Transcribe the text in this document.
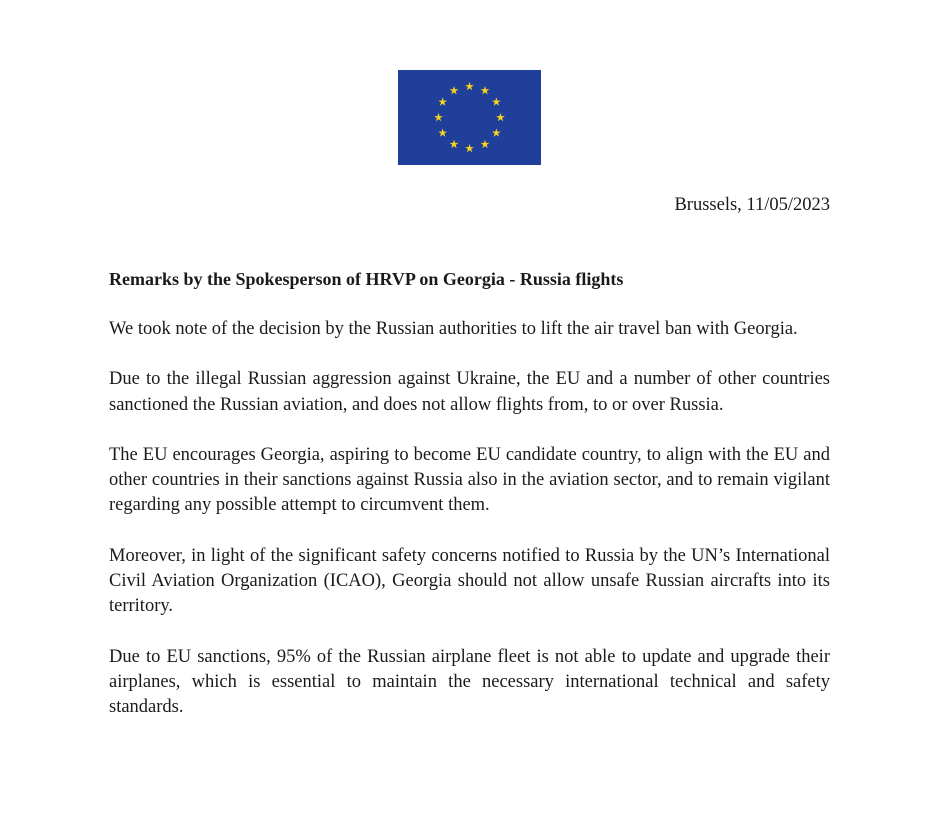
Brussels, 11/05/2023
Remarks by the Spokesperson of HRVP on Georgia - Russia flights

We took note of the decision by the Russian authorities to lift the air travel ban with Georgia.

Due to the illegal Russian aggression against Ukraine, the EU and a number of other countries sanctioned the Russian aviation, and does not allow flights from, to or over Russia.

The EU encourages Georgia, aspiring to become EU candidate country, to align with the EU and other countries in their sanctions against Russia also in the aviation sector, and to remain vigilant regarding any possible attempt to circumvent them.

Moreover, in light of the significant safety concerns notified to Russia by the UN’s International Civil Aviation Organization (ICAO), Georgia should not allow unsafe Russian aircrafts into its territory.

Due to EU sanctions, 95% of the Russian airplane fleet is not able to update and upgrade their airplanes, which is essential to maintain the necessary international technical and safety standards.
